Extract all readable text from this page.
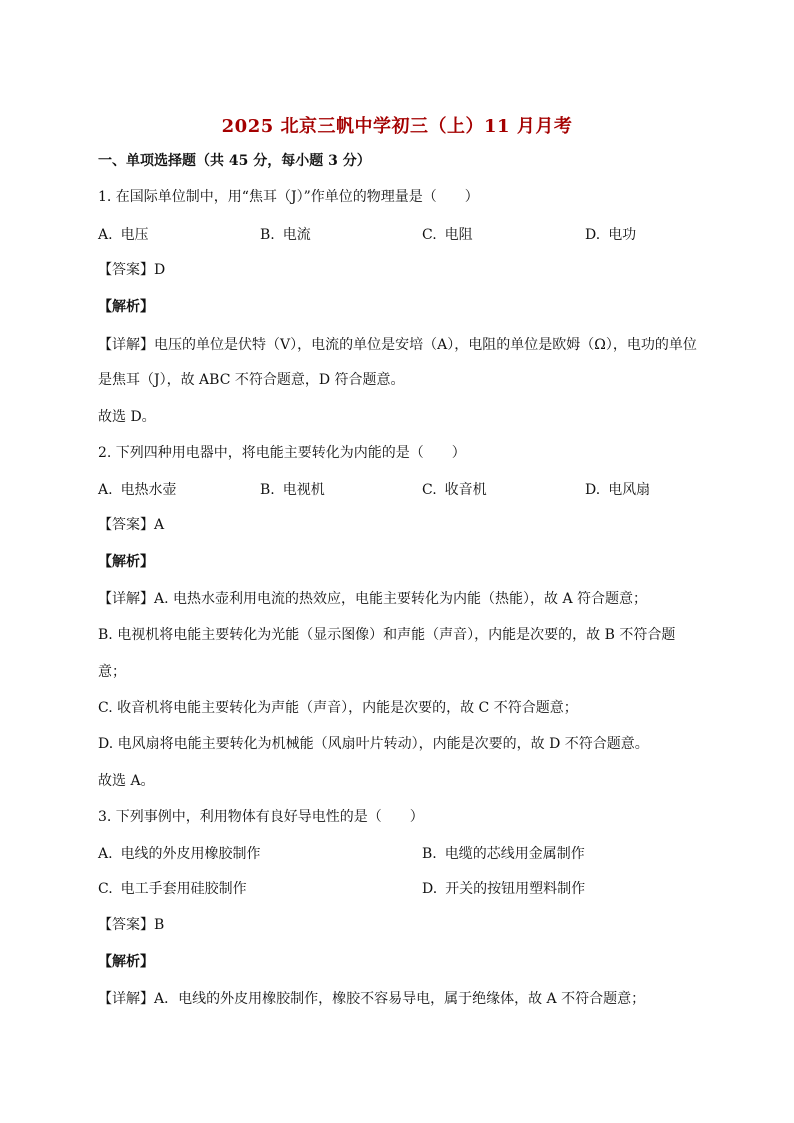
2025 北京三帆中学初三（上）11 月月考
一、单项选择题（共 45 分，每小题 3 分）
1. 在国际单位制中，用“焦耳（J）”作单位的物理量是（　　）
A. 电压	B. 电流	C. 电阻	D. 电功
【答案】D
【解析】
【详解】电压的单位是伏特（V），电流的单位是安培（A），电阻的单位是欧姆（Ω），电功的单位
是焦耳（J），故 ABC 不符合题意，D 符合题意。
故选 D。
2. 下列四种用电器中，将电能主要转化为内能的是（　　）
A. 电热水壶	B. 电视机	C. 收音机	D. 电风扇
【答案】A
【解析】
【详解】A. 电热水壶利用电流的热效应，电能主要转化为内能（热能），故 A 符合题意；
B. 电视机将电能主要转化为光能（显示图像）和声能（声音），内能是次要的，故 B 不符合题
意；
C. 收音机将电能主要转化为声能（声音），内能是次要的，故 C 不符合题意；
D. 电风扇将电能主要转化为机械能（风扇叶片转动），内能是次要的，故 D 不符合题意。
故选 A。
3. 下列事例中，利用物体有良好导电性的是（　　）
A. 电线的外皮用橡胶制作	B. 电缆的芯线用金属制作
C. 电工手套用硅胶制作	D. 开关的按钮用塑料制作
【答案】B
【解析】
【详解】A．电线的外皮用橡胶制作，橡胶不容易导电，属于绝缘体，故 A 不符合题意；
